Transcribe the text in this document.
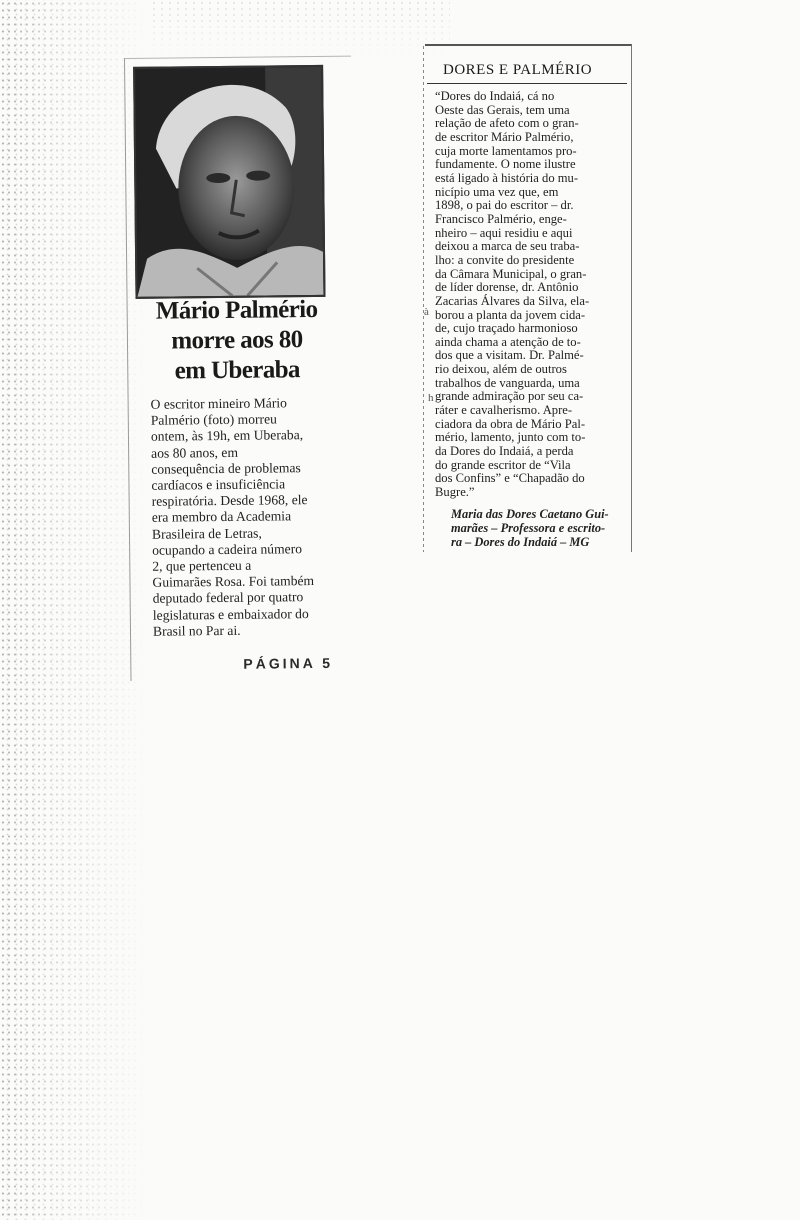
Mário Palmério
morre aos 80
em Uberaba
O escritor mineiro Mário
Palmério (foto) morreu
ontem, às 19h, em Uberaba,
aos 80 anos, em
consequência de problemas
cardíacos e insuficiência
respiratória. Desde 1968, ele
era membro da Academia
Brasileira de Letras,
ocupando a cadeira número
2, que pertenceu a
Guimarães Rosa. Foi também
deputado federal por quatro
legislaturas e embaixador do
Brasil no Par ai.
PÁGINA 5
à
h
DORES E PALMÉRIO
“Dores do Indaiá, cá no
Oeste das Gerais, tem uma
relação de afeto com o gran-
de escritor Mário Palmério,
cuja morte lamentamos pro-
fundamente. O nome ilustre
está ligado à história do mu-
nicípio uma vez que, em
1898, o pai do escritor – dr.
Francisco Palmério, enge-
nheiro – aqui residiu e aqui
deixou a marca de seu traba-
lho: a convite do presidente
da Câmara Municipal, o gran-
de líder dorense, dr. Antônio
Zacarias Álvares da Silva, ela-
borou a planta da jovem cida-
de, cujo traçado harmonioso
ainda chama a atenção de to-
dos que a visitam. Dr. Palmé-
rio deixou, além de outros
trabalhos de vanguarda, uma
grande admiração por seu ca-
ráter e cavalherismo. Apre-
ciadora da obra de Mário Pal-
mério, lamento, junto com to-
da Dores do Indaiá, a perda
do grande escritor de “Vila
dos Confins” e “Chapadão do
Bugre.”
Maria das Dores Caetano Gui-
marães – Professora e escrito-
ra – Dores do Indaiá – MG
